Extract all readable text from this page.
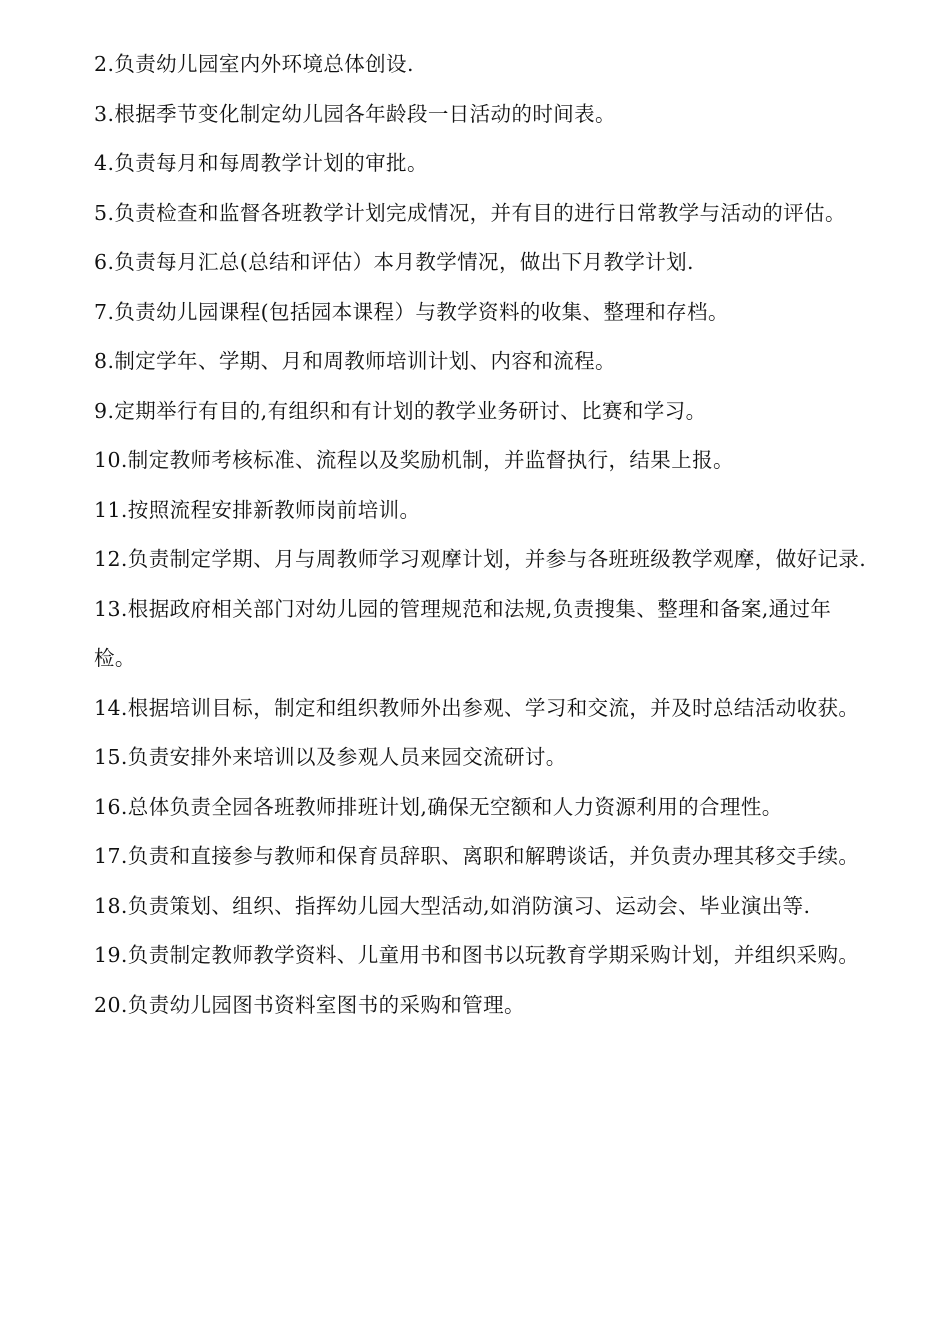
2.负责幼儿园室内外环境总体创设.

3.根据季节变化制定幼儿园各年龄段一日活动的时间表。

4.负责每月和每周教学计划的审批。

5.负责检查和监督各班教学计划完成情况，并有目的进行日常教学与活动的评估。

6.负责每月汇总(总结和评估）本月教学情况，做出下月教学计划.

7.负责幼儿园课程(包括园本课程）与教学资料的收集、整理和存档。

8.制定学年、学期、月和周教师培训计划、内容和流程。

9.定期举行有目的,有组织和有计划的教学业务研讨、比赛和学习。

10.制定教师考核标准、流程以及奖励机制，并监督执行，结果上报。

11.按照流程安排新教师岗前培训。

12.负责制定学期、月与周教师学习观摩计划，并参与各班班级教学观摩，做好记录.

13.根据政府相关部门对幼儿园的管理规范和法规,负责搜集、整理和备案,通过年检。

14.根据培训目标，制定和组织教师外出参观、学习和交流，并及时总结活动收获。

15.负责安排外来培训以及参观人员来园交流研讨。

16.总体负责全园各班教师排班计划,确保无空额和人力资源利用的合理性。

17.负责和直接参与教师和保育员辞职、离职和解聘谈话，并负责办理其移交手续。

18.负责策划、组织、指挥幼儿园大型活动,如消防演习、运动会、毕业演出等.

19.负责制定教师教学资料、儿童用书和图书以玩教育学期采购计划，并组织采购。

20.负责幼儿园图书资料室图书的采购和管理。
